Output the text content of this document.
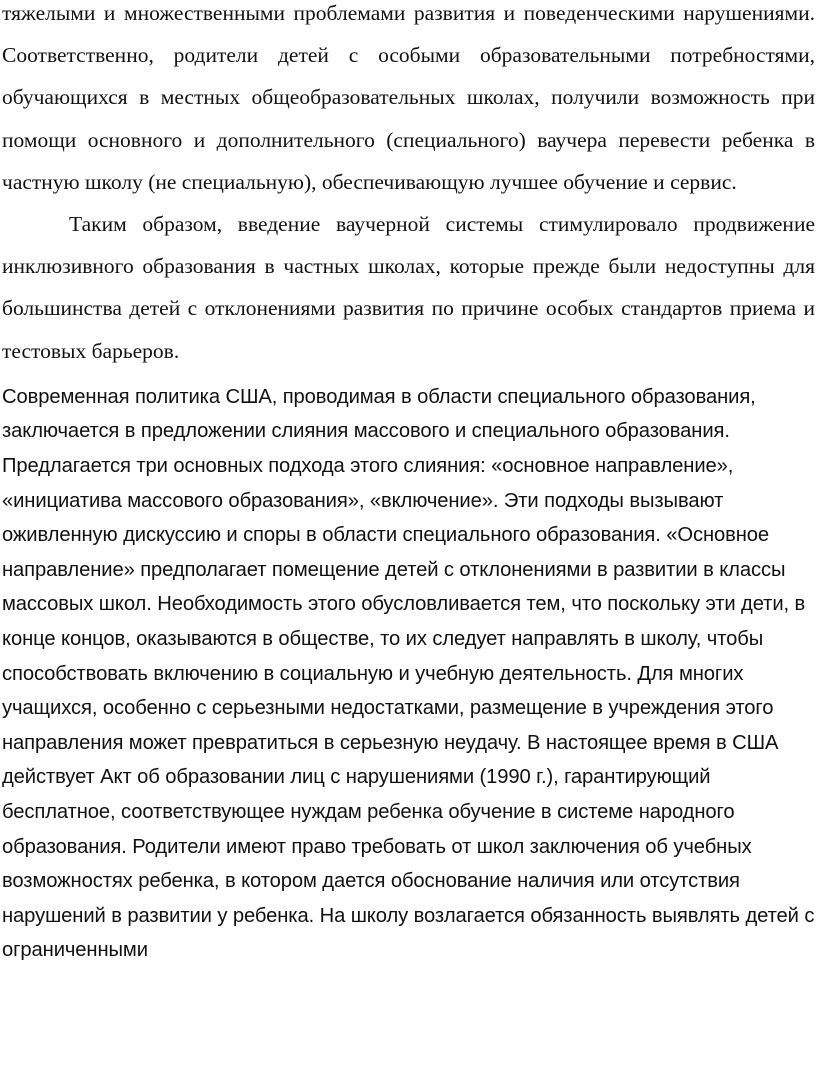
тяжелыми и множественными проблемами развития и поведенческими нарушениями. Соответственно, родители детей с особыми образовательными потребностями, обучающихся в местных общеобразовательных школах, получили возможность при помощи основного и дополнительного (специального) ваучера перевести ребенка в частную школу (не специальную), обеспечивающую лучшее обучение и сервис.

Таким образом, введение ваучерной системы стимулировало продвижение инклюзивного образования в частных школах, которые прежде были недоступны для большинства детей с отклонениями развития по причине особых стандартов приема и тестовых барьеров.

Современная политика США, проводимая в области специального образования, заключается в предложении слияния массового и специального образования. Предлагается три основных подхода этого слияния: «основное направление», «инициатива массового образования», «включение». Эти подходы вызывают оживленную дискуссию и споры в области специального образования. «Основное направление» предполагает помещение детей с отклонениями в развитии в классы массовых школ. Необходимость этого обусловливается тем, что поскольку эти дети, в конце концов, оказываются в обществе, то их следует направлять в школу, чтобы способствовать включению в социальную и учебную деятельность. Для многих учащихся, особенно с серьезными недостатками, размещение в учреждения этого направления может превратиться в серьезную неудачу. В настоящее время в США действует Акт об образовании лиц с нарушениями (1990 г.), гарантирующий бесплатное, соответствующее нуждам ребенка обучение в системе народного образования. Родители имеют право требовать от школ заключения об учебных возможностях ребенка, в котором дается обоснование наличия или отсутствия нарушений в развитии у ребенка. На школу возлагается обязанность выявлять детей с ограниченными
